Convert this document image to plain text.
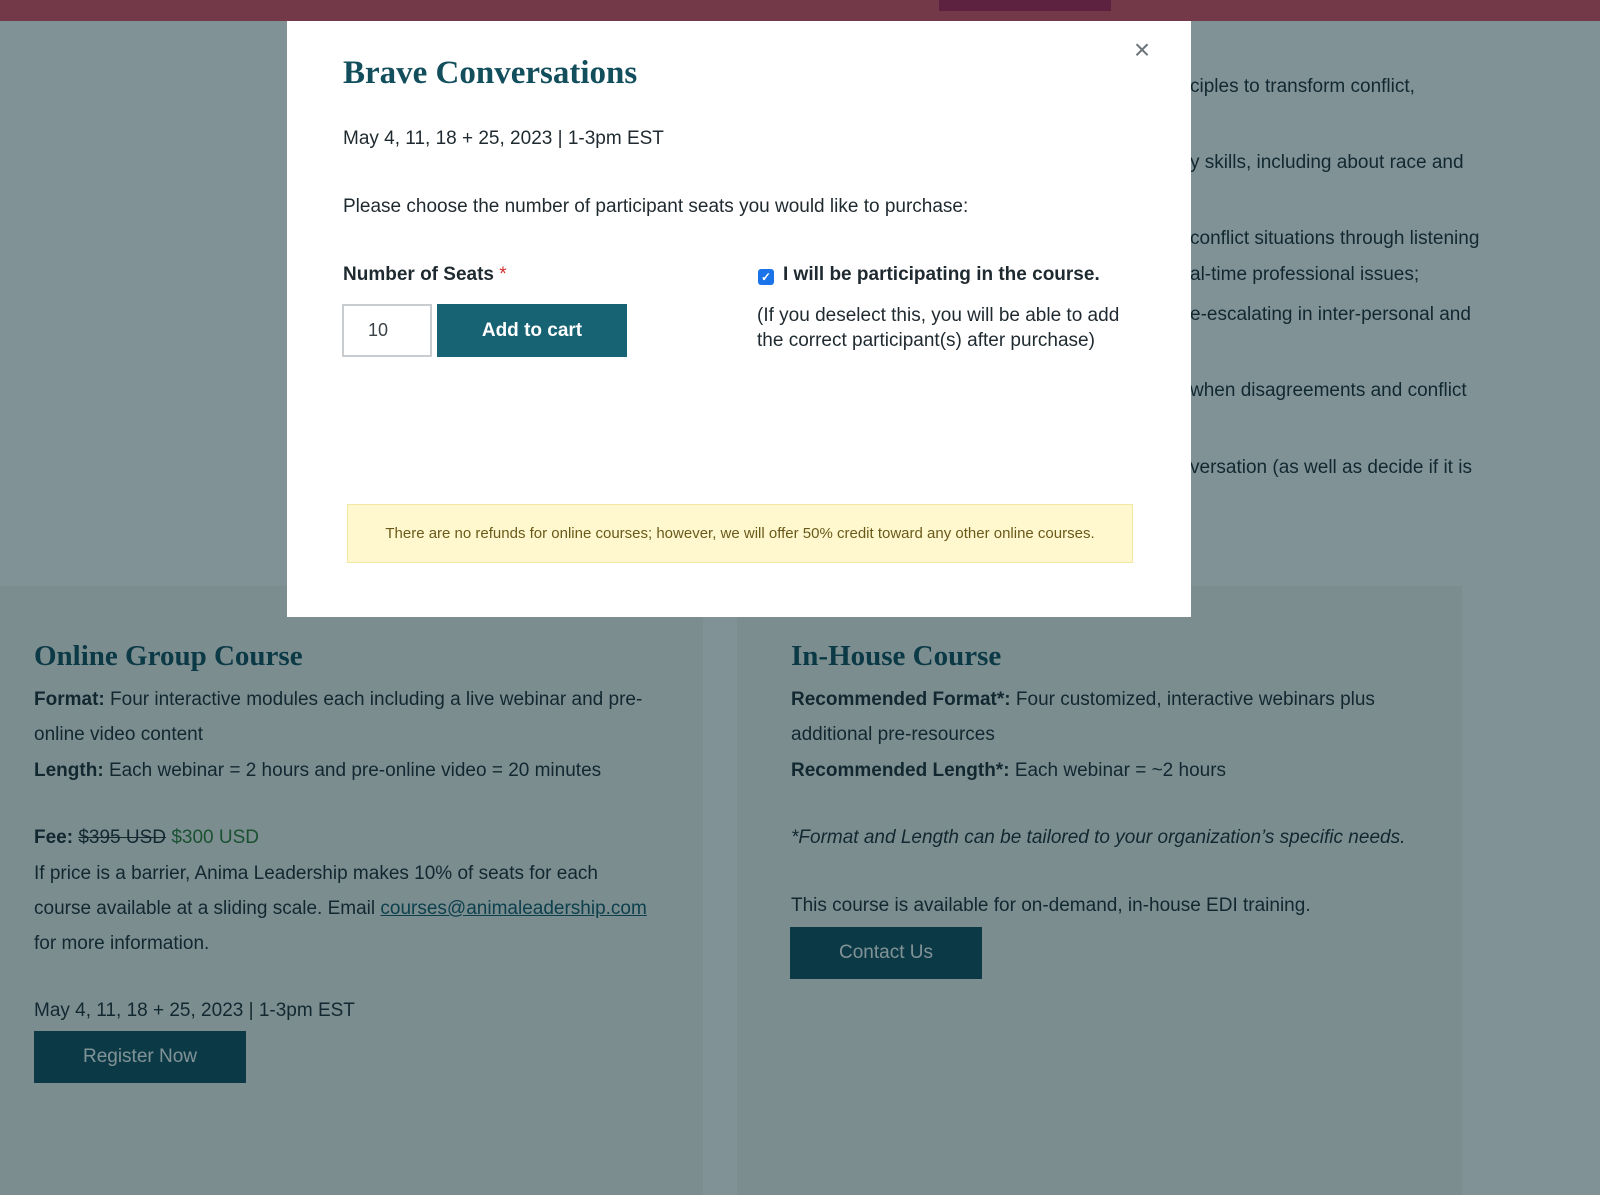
×
Brave Conversations
May 4, 11, 18 + 25, 2023 | 1-3pm EST
Please choose the number of participant seats you would like to purchase:
Number of Seats *
10
Add to cart
✓ I will be participating in the course.
(If you deselect this, you will be able to add the correct participant(s) after purchase)
There are no refunds for online courses; however, we will offer 50% credit toward any other online courses.
